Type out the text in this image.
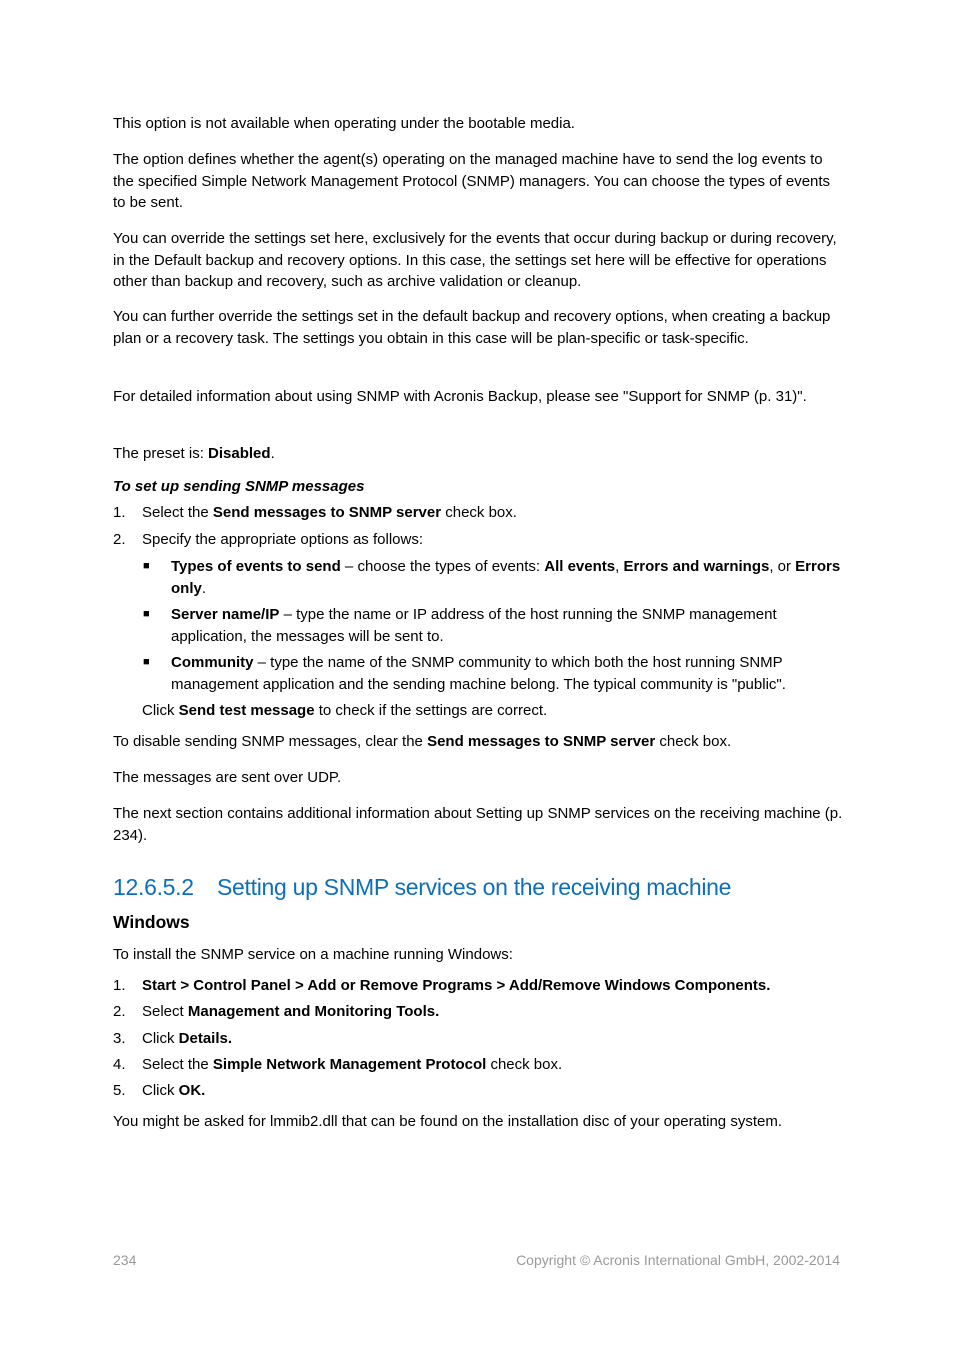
This option is not available when operating under the bootable media.

The option defines whether the agent(s) operating on the managed machine have to send the log events to the specified Simple Network Management Protocol (SNMP) managers. You can choose the types of events to be sent.

You can override the settings set here, exclusively for the events that occur during backup or during recovery, in the Default backup and recovery options. In this case, the settings set here will be effective for operations other than backup and recovery, such as archive validation or cleanup.

You can further override the settings set in the default backup and recovery options, when creating a backup plan or a recovery task. The settings you obtain in this case will be plan-specific or task-specific.

For detailed information about using SNMP with Acronis Backup, please see "Support for SNMP (p. 31)".

The preset is: Disabled.

To set up sending SNMP messages

1. Select the Send messages to SNMP server check box.
2. Specify the appropriate options as follows:
■ Types of events to send – choose the types of events: All events, Errors and warnings, or Errors only.
■ Server name/IP – type the name or IP address of the host running the SNMP management application, the messages will be sent to.
■ Community – type the name of the SNMP community to which both the host running SNMP management application and the sending machine belong. The typical community is "public".

Click Send test message to check if the settings are correct.

To disable sending SNMP messages, clear the Send messages to SNMP server check box.

The messages are sent over UDP.

The next section contains additional information about Setting up SNMP services on the receiving machine (p. 234).

12.6.5.2 Setting up SNMP services on the receiving machine
Windows

To install the SNMP service on a machine running Windows:

1. Start > Control Panel > Add or Remove Programs > Add/Remove Windows Components.
2. Select Management and Monitoring Tools.
3. Click Details.
4. Select the Simple Network Management Protocol check box.
5. Click OK.

You might be asked for lmmib2.dll that can be found on the installation disc of your operating system.

234	Copyright © Acronis International GmbH, 2002-2014
